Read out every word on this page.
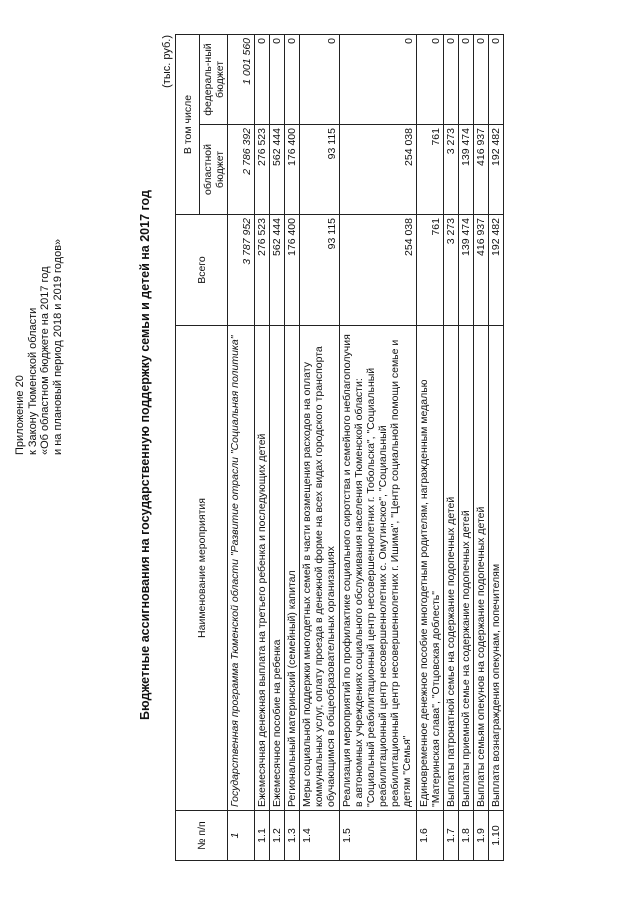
Приложение 20 к Закону Тюменской области «Об областном бюджете на 2017 год и на плановый период 2018 и 2019 годов»	Бюджетные ассигнования на государственную поддержку семьи и детей на 2017 год
(тыс. руб.)
№ п/п	Наименование мероприятия	Всего	В том числе	
			областной бюджет	федераль-ный бюджет
1	Государственная программа Тюменской области "Развитие отрасли "Социальная политика"	3 787 952	2 786 392	1 001 560
1.1	Ежемесячная денежная выплата на третьего ребенка и последующих детей	276 523	276 523	0
1.2	Ежемесячное пособие на ребенка	562 444	562 444	0
1.3	Региональный материнский (семейный) капитал	176 400	176 400	0
1.4	Меры социальной поддержки многодетных семей в части возмещения расходов на оплату коммунальных услуг, оплату проезда в денежной форме на всех видах городского транспорта обучающимся в общеобразовательных организациях	93 115	93 115	0
1.5	Реализация мероприятий по профилактике социального сиротства и семейного неблагополучия в автономных учреждениях социального обслуживания населения Тюменской области: "Социальный реабилитационный центр несовершеннолетних г. Тобольска", "Социальный реабилитационный центр несовершеннолетних с. Омутинское", "Социальный реабилитационный центр несовершеннолетних г. Ишима", "Центр социальной помощи семье и детям "Семья"	254 038	254 038	0
1.6	Единовременное денежное пособие многодетным родителям, награжденным медалью "Материнская слава", "Отцовская доблесть"	761	761	0
1.7	Выплаты патронатной семье на содержание подопечных детей	3 273	3 273	0
1.8	Выплаты приемной семье на содержание подопечных детей	139 474	139 474	0
1.9	Выплаты семьям опекунов на содержание подопечных детей	416 937	416 937	0
1.10	Выплата вознаграждения опекунам, попечителям	192 482	192 482	0
